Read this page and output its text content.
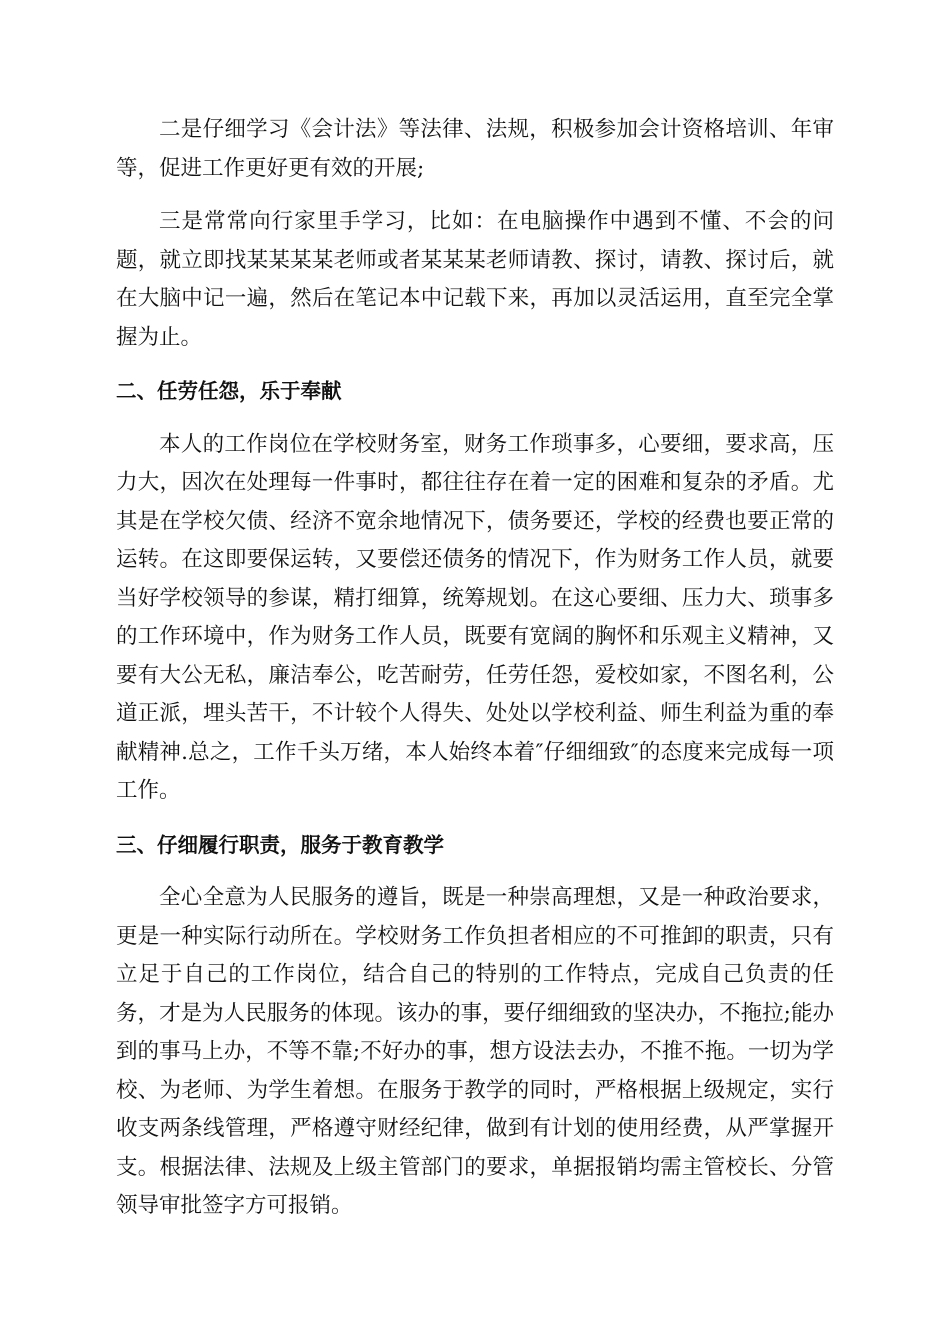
二是仔细学习《会计法》等法律、法规，积极参加会计资格培训、年审等，促进工作更好更有效的开展;

三是常常向行家里手学习，比如：在电脑操作中遇到不懂、不会的问题，就立即找某某某某老师或者某某某老师请教、探讨，请教、探讨后，就在大脑中记一遍，然后在笔记本中记载下来，再加以灵活运用，直至完全掌握为止。

二、任劳任怨，乐于奉献

本人的工作岗位在学校财务室，财务工作琐事多，心要细，要求高，压力大，因次在处理每一件事时，都往往存在着一定的困难和复杂的矛盾。尤其是在学校欠债、经济不宽余地情况下，债务要还，学校的经费也要正常的运转。在这即要保运转，又要偿还债务的情况下，作为财务工作人员，就要当好学校领导的参谋，精打细算，统筹规划。在这心要细、压力大、琐事多的工作环境中，作为财务工作人员，既要有宽阔的胸怀和乐观主义精神，又要有大公无私，廉洁奉公，吃苦耐劳，任劳任怨，爱校如家，不图名利，公道正派，埋头苦干，不计较个人得失、处处以学校利益、师生利益为重的奉献精神.总之，工作千头万绪，本人始终本着″仔细细致″的态度来完成每一项工作。

三、仔细履行职责，服务于教育教学

全心全意为人民服务的遵旨，既是一种崇高理想，又是一种政治要求，更是一种实际行动所在。学校财务工作负担者相应的不可推卸的职责，只有立足于自己的工作岗位，结合自己的特别的工作特点，完成自己负责的任务，才是为人民服务的体现。该办的事，要仔细细致的坚决办，不拖拉;能办到的事马上办，不等不靠;不好办的事，想方设法去办，不推不拖。一切为学校、为老师、为学生着想。在服务于教学的同时，严格根据上级规定，实行收支两条线管理，严格遵守财经纪律，做到有计划的使用经费，从严掌握开支。根据法律、法规及上级主管部门的要求，单据报销均需主管校长、分管领导审批签字方可报销。
